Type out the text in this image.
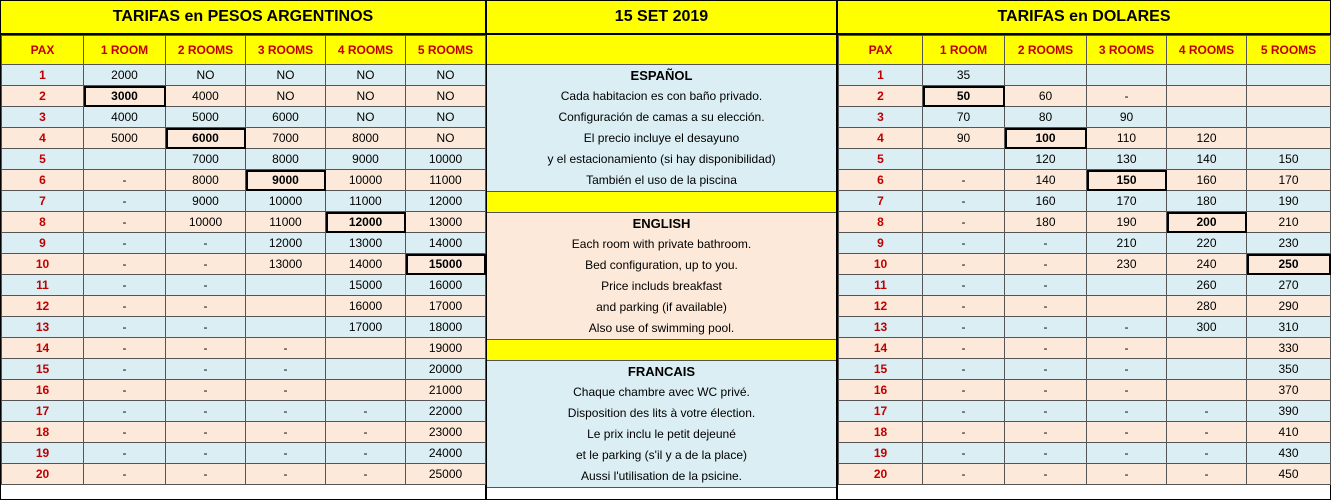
TARIFAS en PESOS ARGENTINOS
PAX	1 ROOM	2 ROOMS	3 ROOMS	4 ROOMS	5 ROOMS
1	2000	NO	NO	NO	NO
2	3000	4000	NO	NO	NO
3	4000	5000	6000	NO	NO
4	5000	6000	7000	8000	NO
5		7000	8000	9000	10000
6	-	8000	9000	10000	11000
7	-	9000	10000	11000	12000
8	-	10000	11000	12000	13000
9	-	-	12000	13000	14000
10	-	-	13000	14000	15000
11	-	-		15000	16000
12	-	-		16000	17000
13	-	-		17000	18000
14	-	-	-		19000
15	-	-	-		20000
16	-	-	-		21000
17	-	-	-	-	22000
18	-	-	-	-	23000
19	-	-	-	-	24000
20	-	-	-	-	25000
15 SET 2019
ESPAÑOL
Cada habitacion es con baño privado.
Configuración de camas a su elección.
El precio incluye el desayuno
y el estacionamiento (si hay disponibilidad)
También el uso de la piscina
ENGLISH
Each room with private bathroom.
Bed configuration, up to you.
Price includs breakfast
and parking (if available)
Also use of swimming pool.
FRANCAIS
Chaque chambre avec WC privé.
Disposition des lits à votre élection.
Le prix inclu le petit dejeuné
et le parking (s'il y a de la place)
Aussi l'utilisation de la psicine.
TARIFAS en DOLARES
PAX	1 ROOM	2 ROOMS	3 ROOMS	4 ROOMS	5 ROOMS
1	35				
2	50	60	-		
3	70	80	90		
4	90	100	110	120	
5		120	130	140	150
6	-	140	150	160	170
7	-	160	170	180	190
8	-	180	190	200	210
9	-	-	210	220	230
10	-	-	230	240	250
11	-	-		260	270
12	-	-		280	290
13	-	-	-	300	310
14	-	-	-		330
15	-	-	-		350
16	-	-	-		370
17	-	-	-	-	390
18	-	-	-	-	410
19	-	-	-	-	430
20	-	-	-	-	450
